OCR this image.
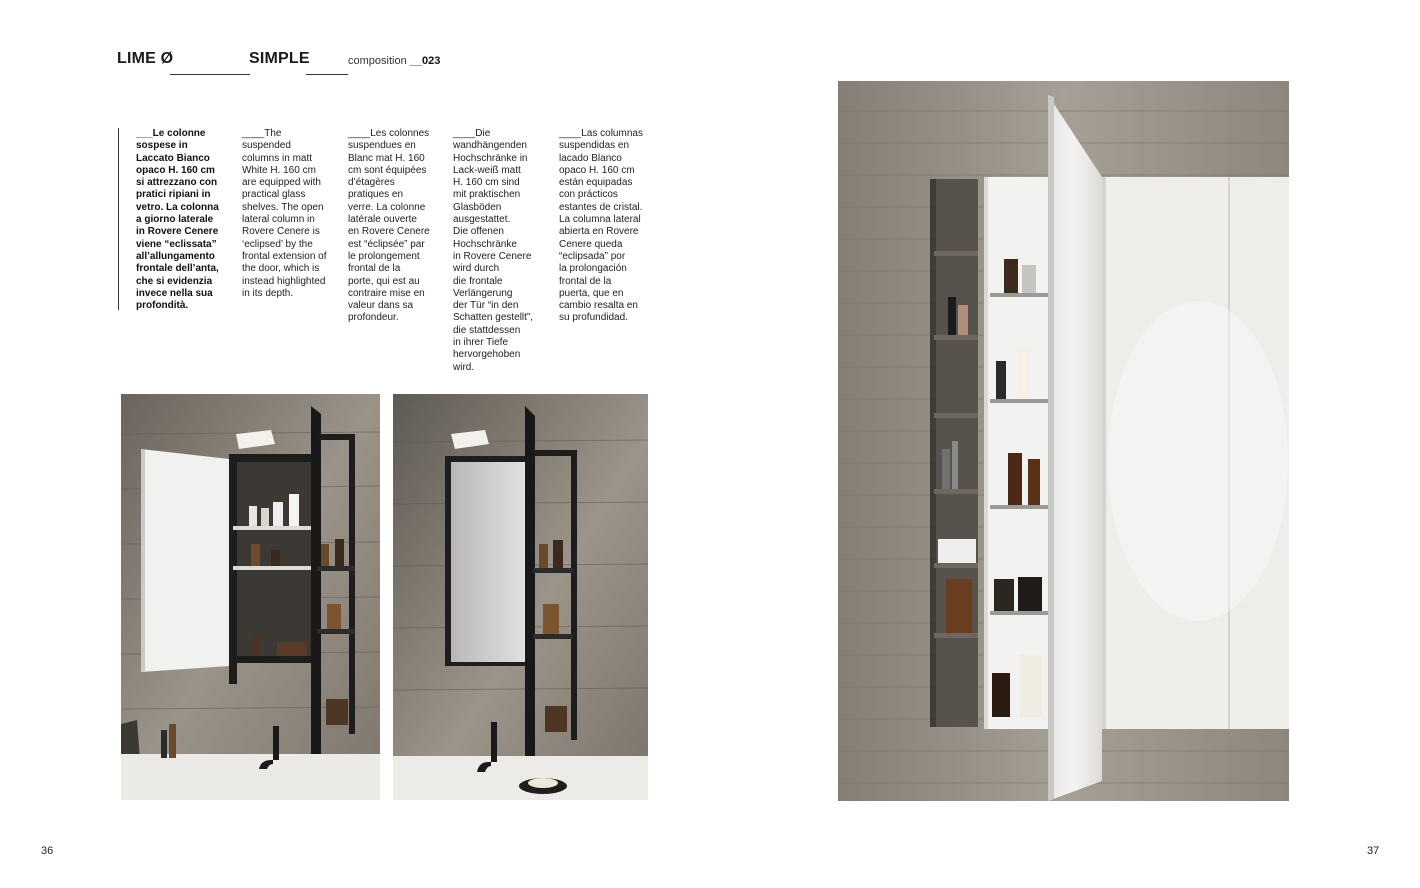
LIME Ø	SIMPLE	composition __023
___Le colonne
sospese in
Laccato Bianco
opaco H. 160 cm
si attrezzano con
pratici ripiani in
vetro. La colonna
a giorno laterale
in Rovere Cenere
viene “eclissata”
all’allungamento
frontale dell’anta,
che si evidenzia
invece nella sua
profondità.
____The
suspended
columns in matt
White H. 160 cm
are equipped with
practical glass
shelves. The open
lateral column in
Rovere Cenere is
‘eclipsed’ by the
frontal extension of
the door, which is
instead highlighted
in its depth.
____Les colonnes
suspendues en
Blanc mat H. 160
cm sont équipées
d’étagères
pratiques en
verre. La colonne
latérale ouverte
en Rovere Cenere
est “éclipsée” par
le prolongement
frontal de la
porte, qui est au
contraire mise en
valeur dans sa
profondeur.
____Die
wandhängenden
Hochschränke in
Lack-weiß matt
H. 160 cm sind
mit praktischen
Glasböden
ausgestattet.
Die offenen
Hochschränke
in Rovere Cenere
wird durch
die frontale
Verlängerung
der Tür “in den
Schatten gestellt”,
die stattdessen
in ihrer Tiefe
hervorgehoben
wird.
____Las columnas
suspendidas en
lacado Blanco
opaco H. 160 cm
están equipadas
con prácticos
estantes de cristal.
La columna lateral
abierta en Rovere
Cenere queda
“eclipsada” por
la prolongación
frontal de la
puerta, que en
cambio resalta en
su profundidad.
36	37
